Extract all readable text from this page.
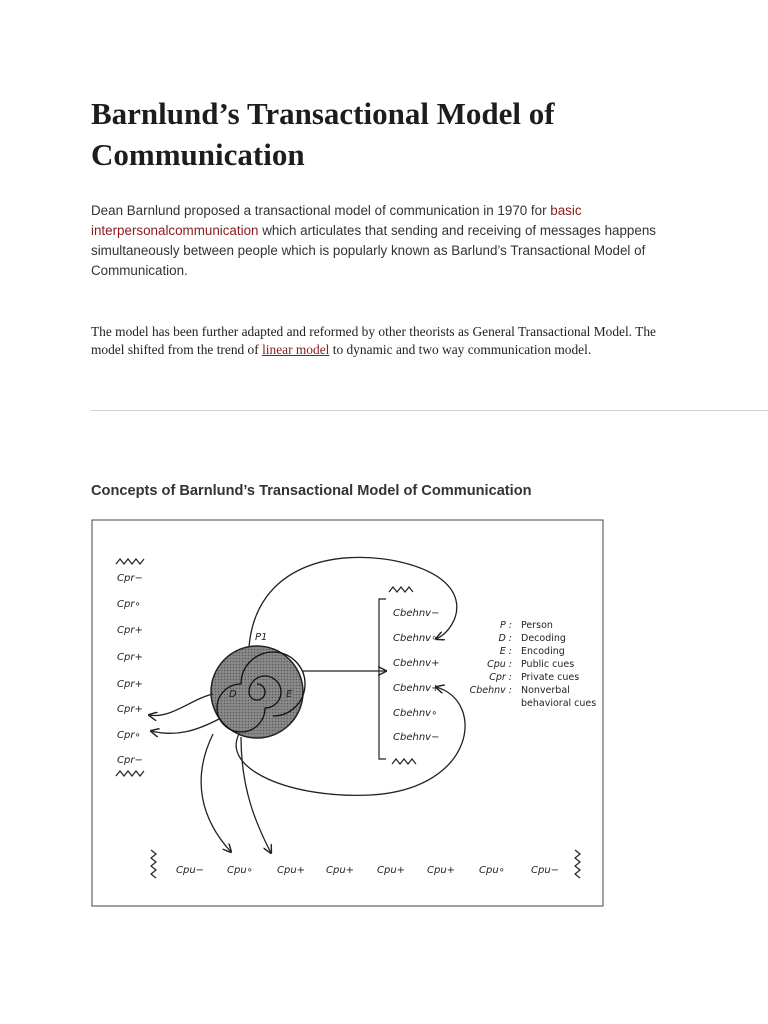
Barnlund’s Transactional Model of Communication

Dean Barnlund proposed a transactional model of communication in 1970 for basic interpersonalcommunication which articulates that sending and receiving of messages happens simultaneously between people which is popularly known as Barlund’s Transactional Model of Communication.

The model has been further adapted and reformed by other theorists as General Transactional Model. The model shifted from the trend of linear model to dynamic and two way communication model.

Concepts of Barnlund’s Transactional Model of Communication
Cpr−
Cpr∘
Cpr+
Cpr+
Cpr+
Cpr+
Cpr∘
Cpr−
Cbehnv−
Cbehnv∘
Cbehnv+
Cbehnv+
Cbehnv∘
Cbehnv−
Cpu− Cpu∘ Cpu+ Cpu+ Cpu+ Cpu+ Cpu∘	Cpu−
D	E
P1
P : Person
D : Decoding
E : Encoding
Cpu : Public cues
Cpr : Private cues
Cbehnv : Nonverbal
behavioral cues
